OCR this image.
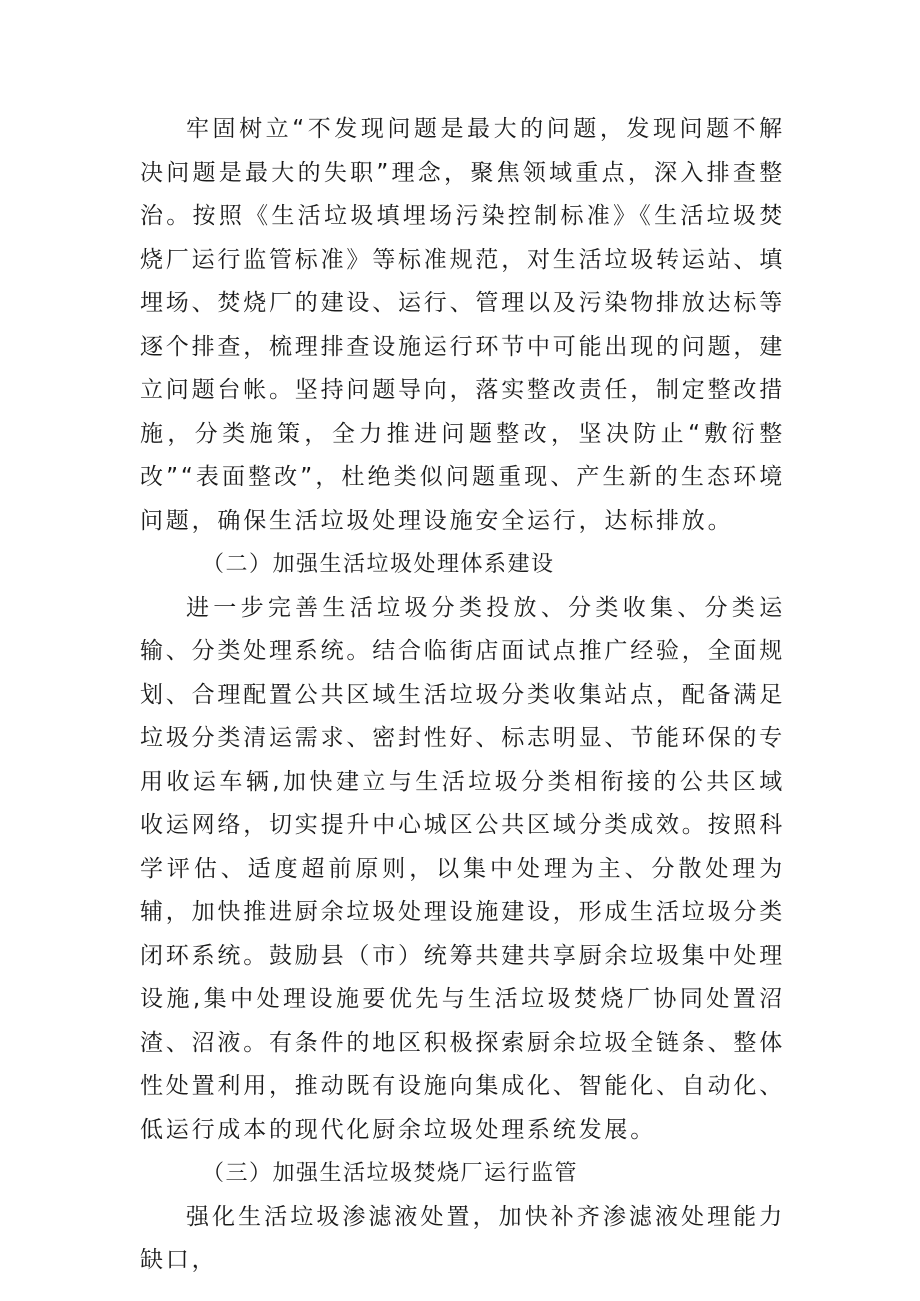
牢固树立“不发现问题是最大的问题，发现问题不解决问题是最大的失职”理念，聚焦领域重点，深入排查整治。按照《生活垃圾填埋场污染控制标准》《生活垃圾焚烧厂运行监管标准》等标准规范，对生活垃圾转运站、填埋场、焚烧厂的建设、运行、管理以及污染物排放达标等逐个排查，梳理排查设施运行环节中可能出现的问题，建立问题台帐。坚持问题导向，落实整改责任，制定整改措施，分类施策，全力推进问题整改，坚决防止“敷衍整改”“表面整改”，杜绝类似问题重现、产生新的生态环境问题，确保生活垃圾处理设施安全运行，达标排放。

（二）加强生活垃圾处理体系建设

进一步完善生活垃圾分类投放、分类收集、分类运输、分类处理系统。结合临街店面试点推广经验，全面规划、合理配置公共区域生活垃圾分类收集站点，配备满足垃圾分类清运需求、密封性好、标志明显、节能环保的专用收运车辆,加快建立与生活垃圾分类相衔接的公共区域收运网络，切实提升中心城区公共区域分类成效。按照科学评估、适度超前原则，以集中处理为主、分散处理为辅，加快推进厨余垃圾处理设施建设，形成生活垃圾分类闭环系统。鼓励县（市）统筹共建共享厨余垃圾集中处理设施,集中处理设施要优先与生活垃圾焚烧厂协同处置沼渣、沼液。有条件的地区积极探索厨余垃圾全链条、整体性处置利用，推动既有设施向集成化、智能化、自动化、低运行成本的现代化厨余垃圾处理系统发展。

（三）加强生活垃圾焚烧厂运行监管

强化生活垃圾渗滤液处置，加快补齐渗滤液处理能力缺口，
